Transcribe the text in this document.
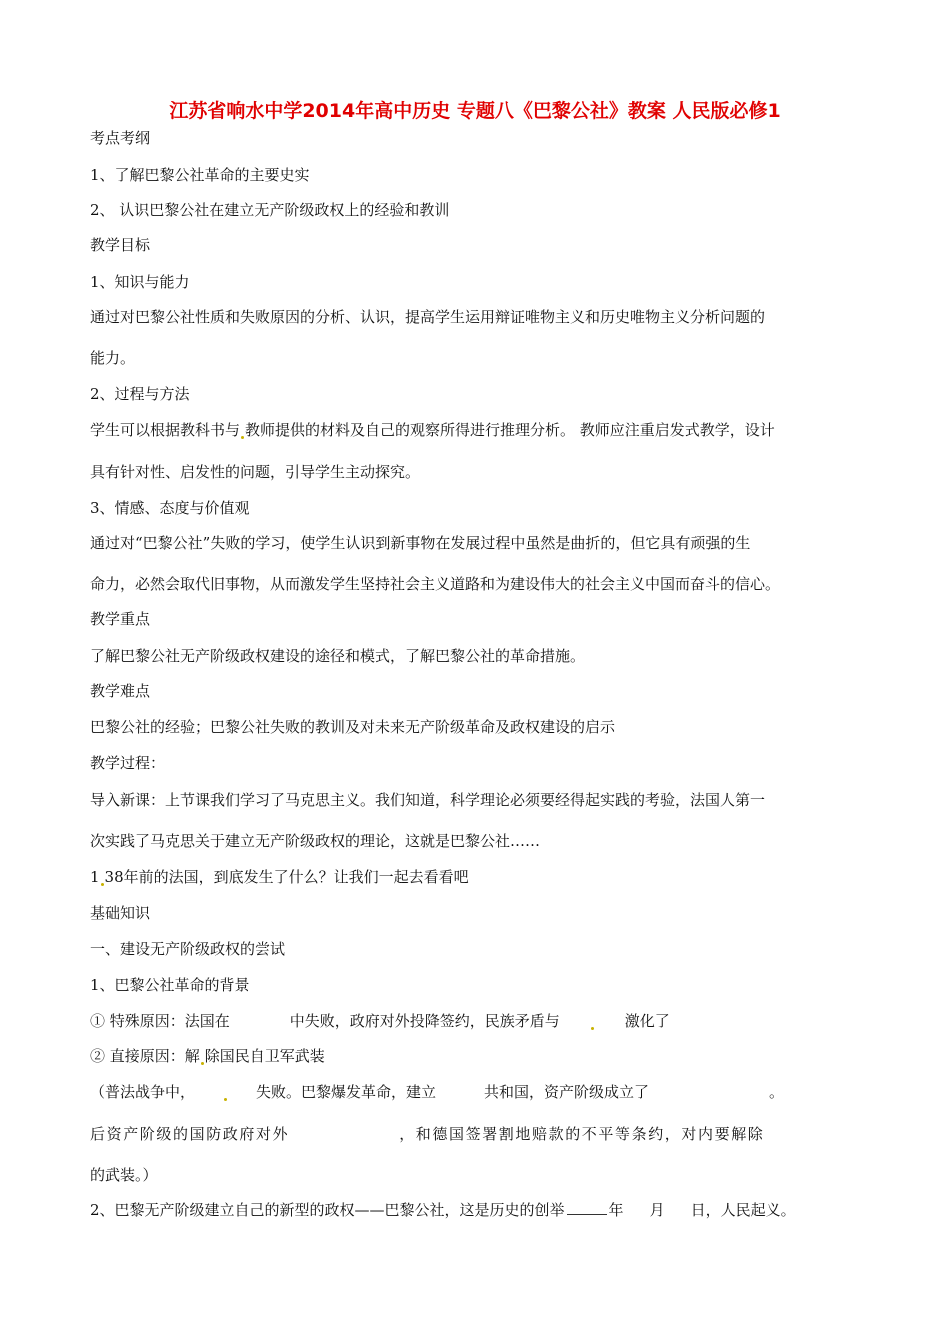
江苏省响水中学2014年高中历史 专题八《巴黎公社》教案 人民版必修1
考点考纲
1、了解巴黎公社革命的主要史实
2、 认识巴黎公社在建立无产阶级政权上的经验和教训
教学目标
1、知识与能力
通过对巴黎公社性质和失败原因的分析、认识，提高学生运用辩证唯物主义和历史唯物主义分析问题的
能力。
2、过程与方法
学生可以根据教科书与 教师提供的材料及自己的观察所得进行推理分析。 教师应注重启发式教学，设计
具有针对性、启发性的问题，引导学生主动探究。
3、情感、态度与价值观
通过对“巴黎公社”失败的学习，使学生认识到新事物在发展过程中虽然是曲折的，但它具有顽强的生
命力，必然会取代旧事物，从而激发学生坚持社会主义道路和为建设伟大的社会主义中国而奋斗的信心。
教学重点
了解巴黎公社无产阶级政权建设的途径和模式，了解巴黎公社的革命措施。
教学难点
巴黎公社的经验；巴黎公社失败的教训及对未来无产阶级革命及政权建设的启示
教学过程：
导入新课：上节课我们学习了马克思主义。我们知道，科学理论必须要经得起实践的考验，法国人第一
次实践了马克思关于建立无产阶级政权的理论，这就是巴黎公社……
1 38年前的法国，到底发生了什么？让我们一起去看看吧
基础知识
一、建设无产阶级政权的尝试
1、巴黎公社革命的背景
① 特殊原因：法国在	中失败，政府对外投降签约，民族矛盾与	激化了
② 直接原因：解 除国民自卫军武装
（普法战争中，	失败。巴黎爆发革命，建立	共和国，资产阶级成立了	。
后资产阶级的国防政府对外	，和德国签署割地赔款的不平等条约，对内要解除
的武装。）
2、巴黎无产阶级建立自己的新型的政权——巴黎公社，这是历史的创举	年 月 日，人民起义。
